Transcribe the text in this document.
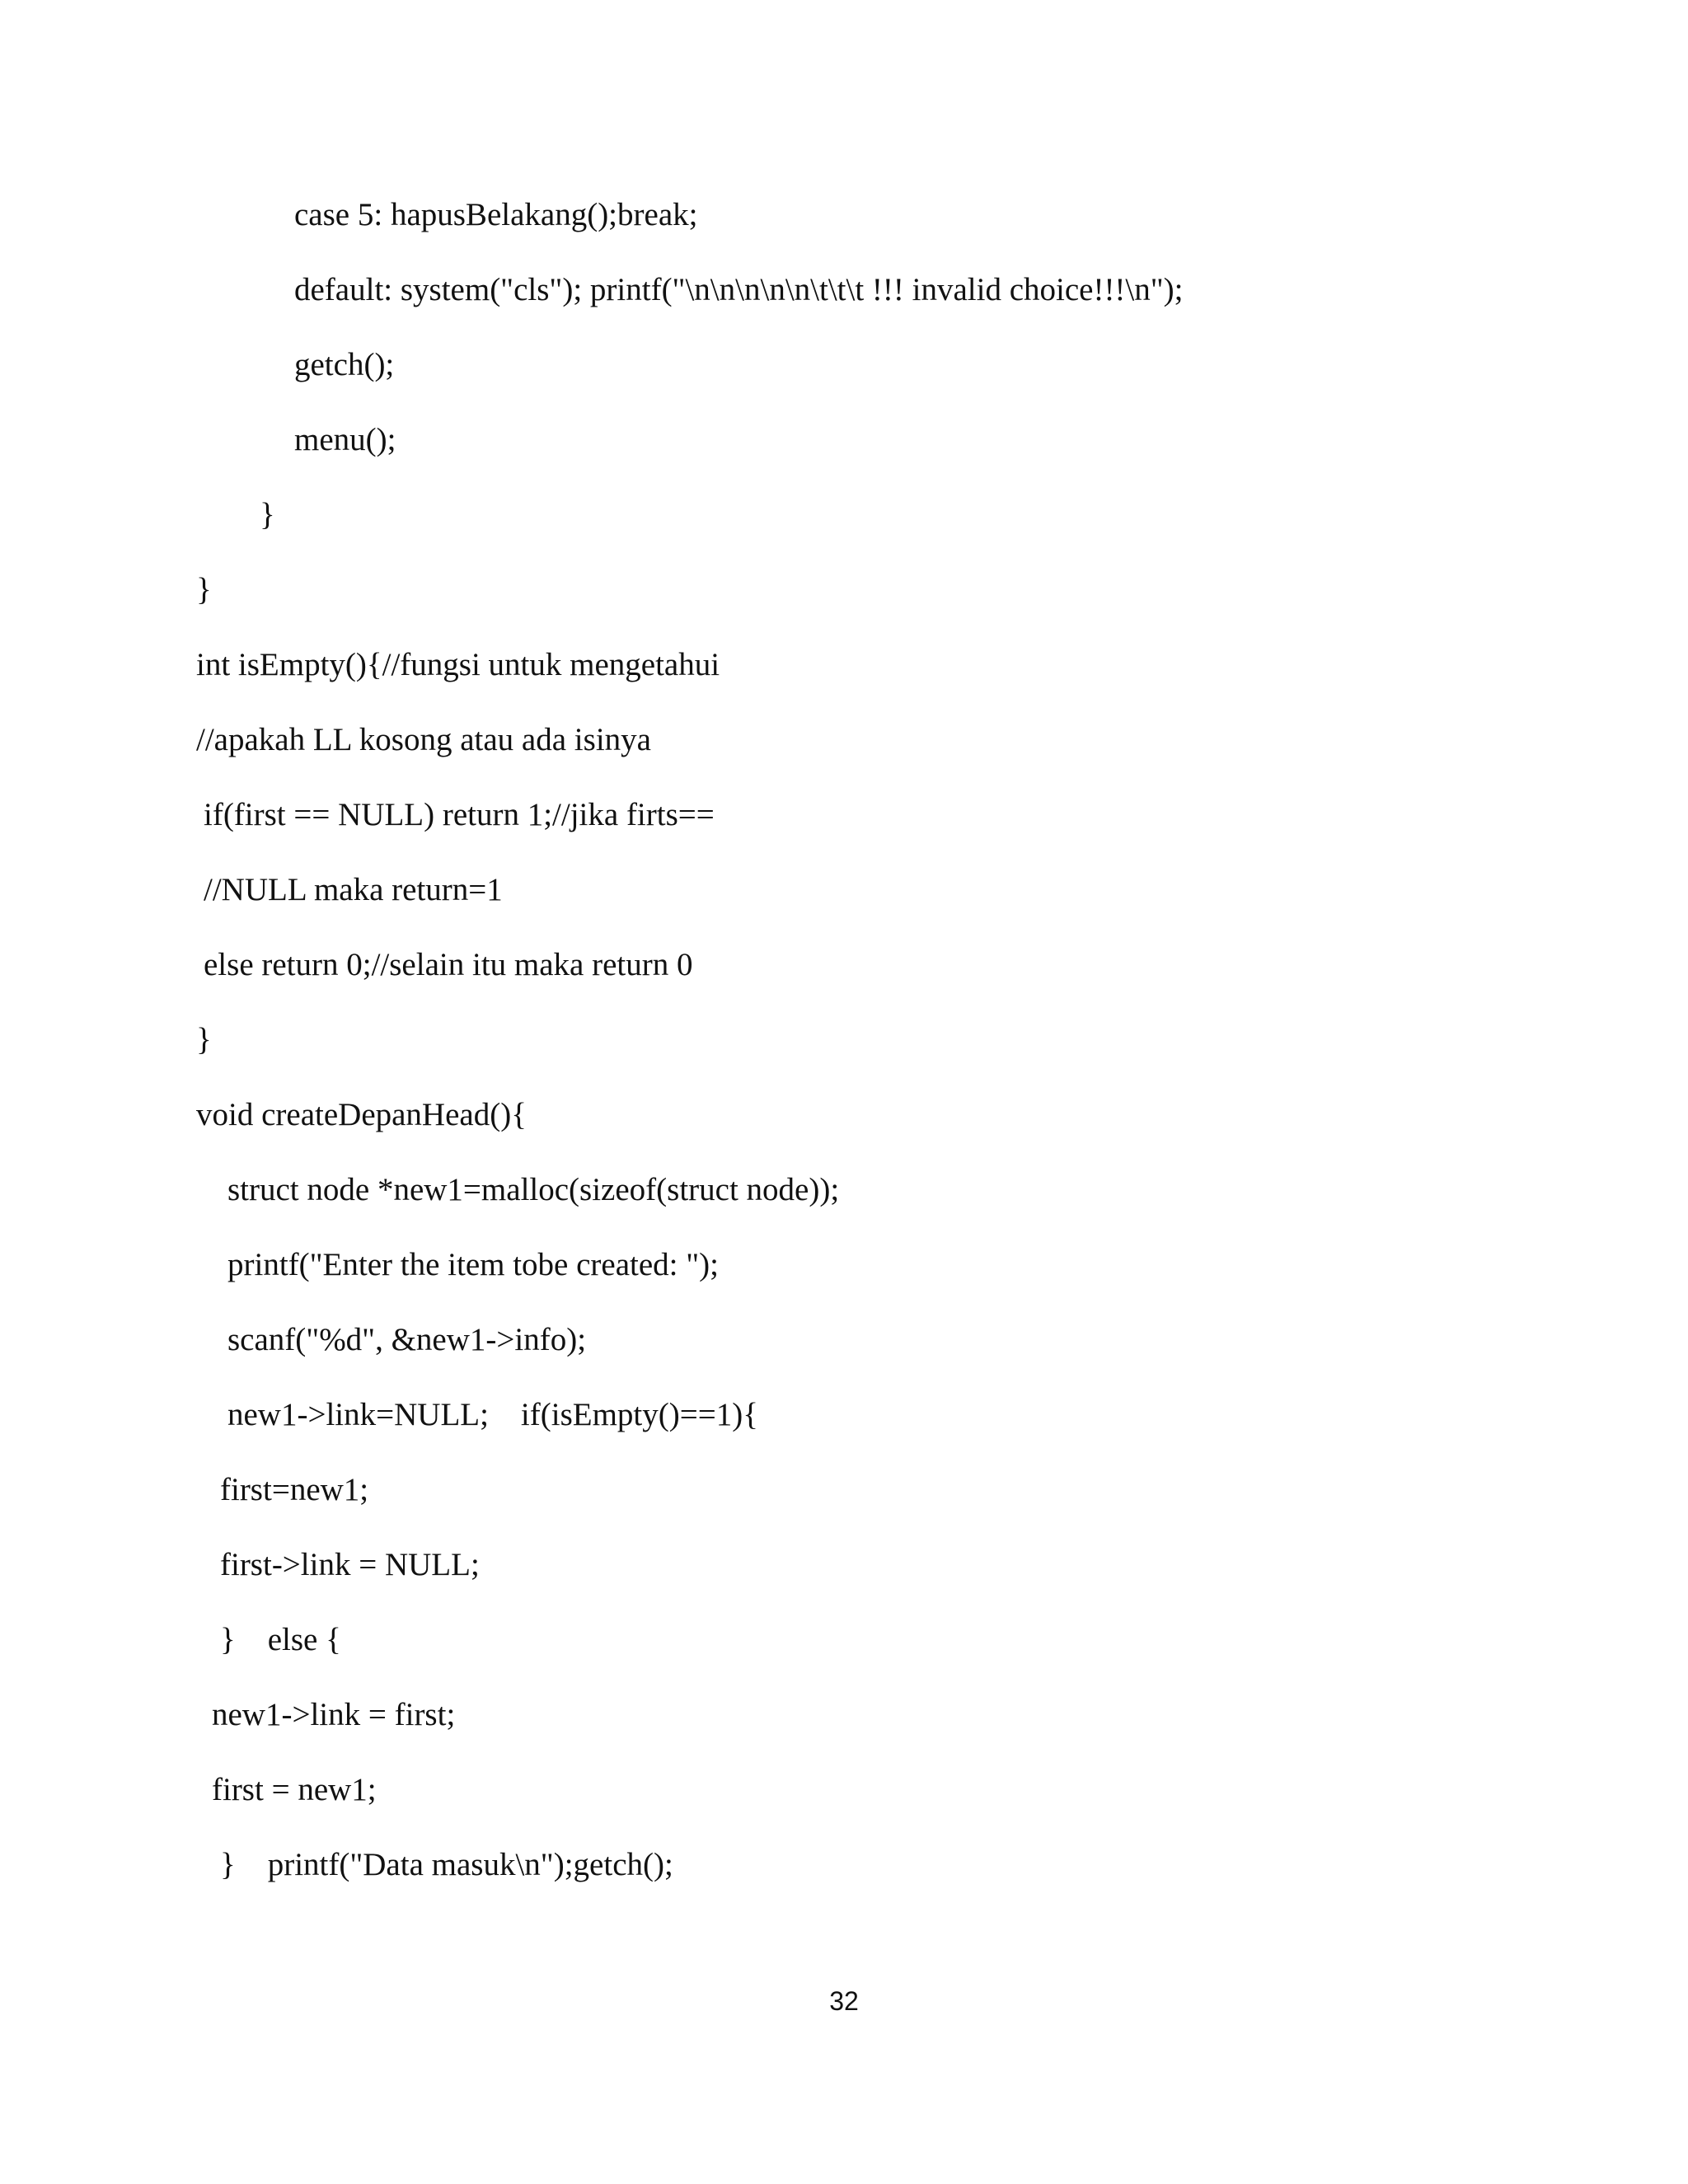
case 5: hapusBelakang();break;
default: system("cls"); printf("\n\n\n\n\n\t\t\t !!! invalid choice!!!\n");
getch();
menu();
}
}
int isEmpty(){//fungsi untuk mengetahui
//apakah LL kosong atau ada isinya
if(first == NULL) return 1;//jika firts==
//NULL maka return=1
else return 0;//selain itu maka return 0
}
void createDepanHead(){
struct node *new1=malloc(sizeof(struct node));
printf("Enter the item tobe created: ");
scanf("%d", &new1->info);
new1->link=NULL;    if(isEmpty()==1){
first=new1;
first->link = NULL;
}    else {
new1->link = first;
first = new1;
}    printf("Data masuk\n");getch();
32
